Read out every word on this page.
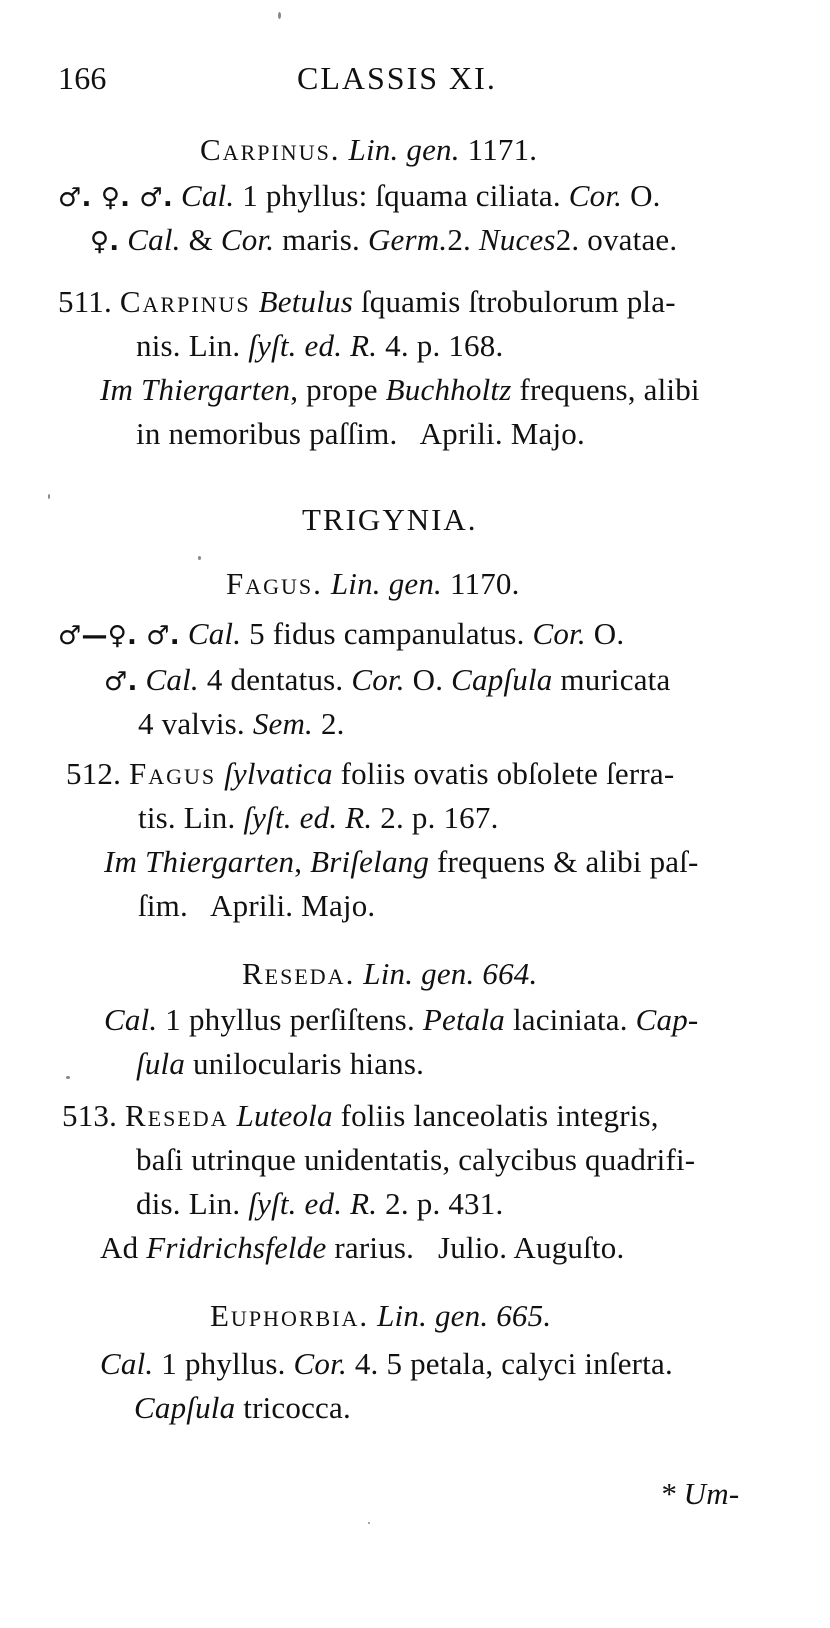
166	CLASSIS XI.
Carpinus. Lin. gen. 1171.
♂. ♀. ♂. Cal. 1 phyllus: ſquama ciliata. Cor. O.
♀. Cal. & Cor. maris. Germ.2. Nuces2. ovatae.
511. Carpinus Betulus ſquamis ſtrobulorum pla-
nis. Lin. ſyſt. ed. R. 4. p. 168.
Im Thiergarten, prope Buchholtz frequens, alibi
in nemoribus paſſim.   Aprili. Majo.
TRIGYNIA.
Fagus. Lin. gen. 1170.
♂—♀. ♂. Cal. 5 fidus campanulatus. Cor. O.
♂. Cal. 4 dentatus. Cor. O. Capſula muricata
4 valvis. Sem. 2.
512. Fagus ſylvatica foliis ovatis obſolete ſerra-
tis. Lin. ſyſt. ed. R. 2. p. 167.
Im Thiergarten, Briſelang frequens & alibi paſ-
ſim.   Aprili. Majo.
Reseda. Lin. gen. 664.
Cal. 1 phyllus perſiſtens. Petala laciniata. Cap-
ſula unilocularis hians.
513. Reseda Luteola foliis lanceolatis integris,
baſi utrinque unidentatis, calycibus quadrifi-
dis. Lin. ſyſt. ed. R. 2. p. 431.
Ad Fridrichsfelde rarius.   Julio. Auguſto.
Euphorbia. Lin. gen. 665.
Cal. 1 phyllus. Cor. 4. 5 petala, calyci inſerta.
Capſula tricocca.
* Um-
